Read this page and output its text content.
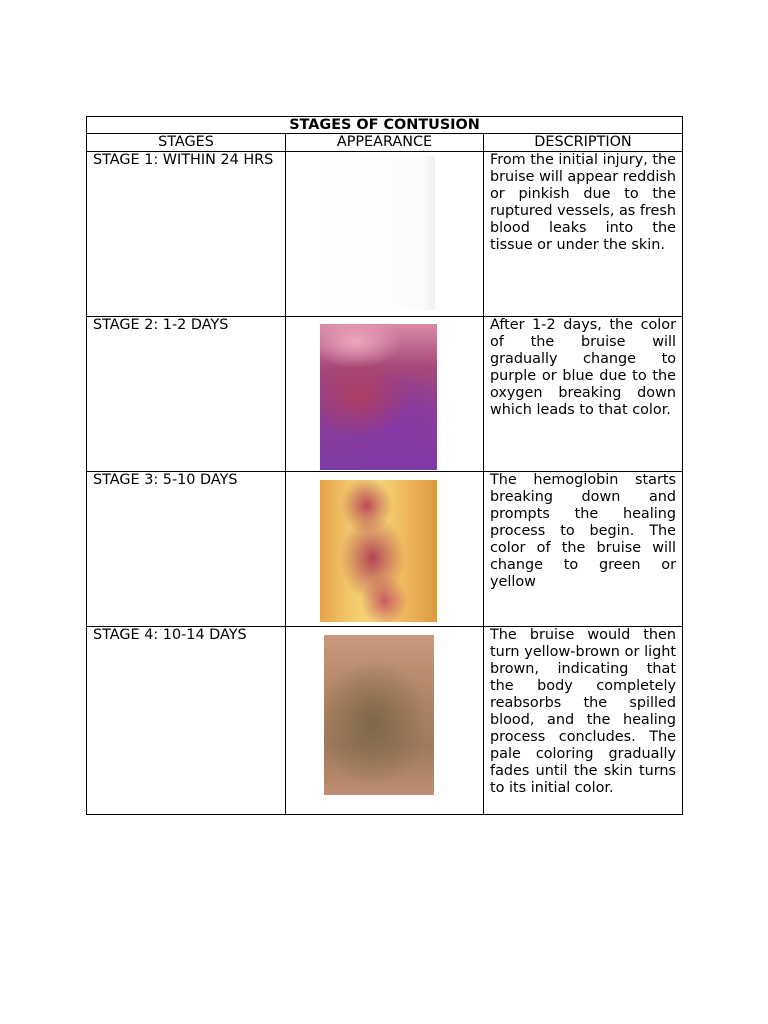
STAGES OF CONTUSION		
STAGES	APPEARANCE	DESCRIPTION
STAGE 1: WITHIN 24 HRS		From the initial injury, the bruise will appear reddish or pinkish due to the ruptured vessels, as fresh blood leaks into the tissue or under the skin.
STAGE 2: 1-2 DAYS		After 1-2 days, the color of the bruise will gradually change to purple or blue due to the oxygen breaking down which leads to that color.
STAGE 3: 5-10 DAYS		The hemoglobin starts breaking down and prompts the healing process to begin. The color of the bruise will change to green or yellow
STAGE 4: 10-14 DAYS		The bruise would then turn yellow-brown or light brown, indicating that the body completely reabsorbs the spilled blood, and the healing process concludes. The pale coloring gradually fades until the skin turns to its initial color.
